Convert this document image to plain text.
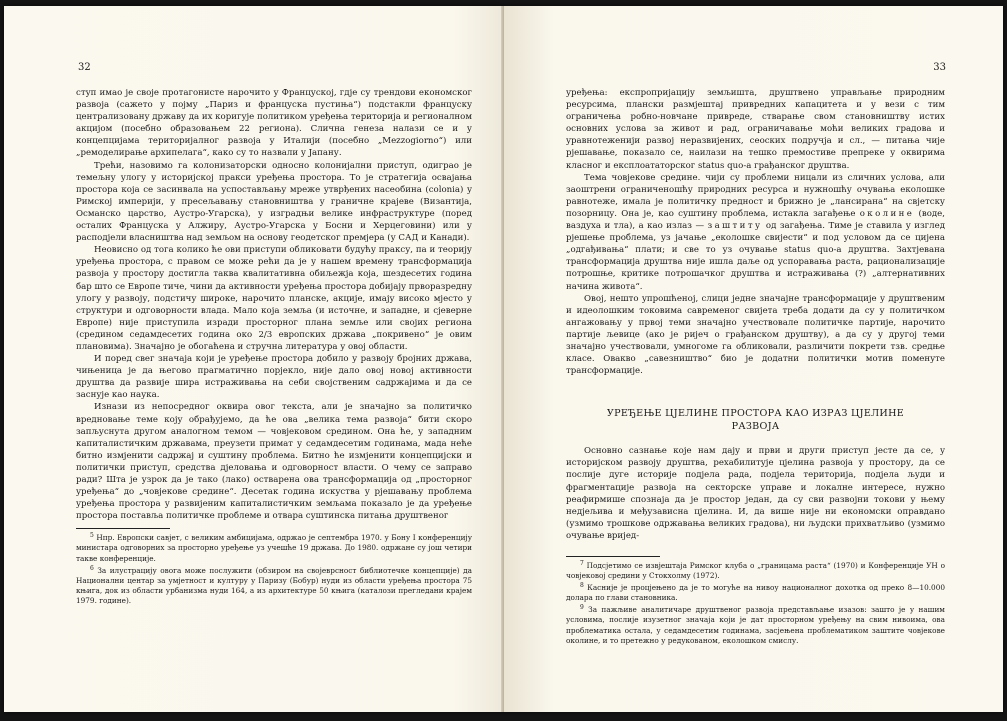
32

ступ имао је своје протагонисте нарочито у Француској, гдје су трендови економског развоја (сажето у појму „Париз и француска пустиња“) подстакли француску централизовану државу да их коригује политиком уређења територија и регионалном акцијом (посебно образовањем 22 региона). Слична генеза налази се и у концепцијама територијалног развоја у Италији (посебно „Mezzogiorno“) или „ремоделирање архипелага“, како су то назвали у Јапану.

Трећи, назовимо га колонизаторски односно колонијални приступ, одиграо је темељну улогу у историјској пракси уређења простора. То је стратегија освајања простора која се засинвала на успостављању мреже утврђених насеобина (colonia) у Римској империји, у пресељавању становништва у граничне крајеве (Византија, Османско царство, Аустро-Угарска), у изградњи велике инфраструктуре (поред осталих Француска у Алжиру, Аустро-Угарска у Босни и Херцеговини) или у расподјели власништва над земљом на основу геодетског премјера (у САД и Канади).

Неовисно од тога колико ће ови приступи обликовати будућу праксу, па и теорију уређења простора, с правом се може рећи да је у нашем времену трансформација развоја у простору достигла таква квалитативна обиљежја која, шездесетих година бар што се Европе тиче, чини да активности уређења простора добијају прворазредну улогу у развоју, подстичу широке, нарочито планске, акције, имају високо мјесто у структури и одговорности влада. Мало која земља (и источне, и западне, и сјеверне Европе) није приступила изради просторног плана земље или својих региона (средином седамдесетих година око 2/3 европских држава „покривено“ је овим плановима). Значајно је обогаћена и стручна литература у овој области.

И поред свег значаја који је уређење простора добило у развоју бројних држава, чињеница је да његово прагматично порјекло, није дало овој новој активности друштва да развије шира истраживања на себи својственим садржајима и да се заснује као наука.

Изнази из непосредног оквира овог текста, али је значајно за политичко вредновање теме коју обрађујемо, да ће ова „велика тема развоја“ бити скоро запљуснута другом аналогном темом — човјековом средином. Она ће, у западним капиталистичким државама, преузети примат у седамдесетим годинама, мада неће битно измјенити садржај и суштину проблема. Битно ће измјенити концепцијски и политички приступ, средства дјеловања и одговорност власти. О чему се заправо ради? Шта је узрок да је тако (лако) остварена ова трансформација од „просторног уређења“ до „човјекове средине“. Десетак година искуства у рјешавању проблема уређења простора у развијеним капиталистичким земљама показало је да уређење простора поставља политичке проблеме и отвара суштинска питања друштвеног

$^5$ Нпр. Европски савјет, с великим амбицијама, одржао је септембра 1970. у Бону I конференцију министара одговорних за просторно уређење уз учешће 19 држава. До 1980. одржане су још четири такве конференције.

$^6$ За илустрацију овога може послужити (обзиром на својеврсност библиотечке концепције) да Национални центар за умјетност и културу у Паризу (Бобур) нуди из области уређења простора 75 књига, док из области урбанизма нуди 164, а из архитектуре 50 књига (каталози прегледани крајем 1979. године).

33

уређења: експропријацију земљишта, друштвено управљање природним ресурсима, плански размјештај привредних капацитета и у вези с тим ограничења робно-новчане привреде, стварање свом становништву истих основних услова за живот и рад, ограничавање моћи великих градова и уравнотеженији развој неразвијених, сеоских подручја и сл., — питања чије рјешавање, показало се, наилази на тешко премостиве препреке у оквирима класног и експлоататорског status quo-а грађанског друштва.

Тема човјекове средине. чији су проблеми ницали из сличних услова, али заоштрени ограниченошћу природних ресурса и нужношћу очувања еколошке равнотеже, имала је политичку предност и брижно је „лансирана“ на свјетску позорницу. Она је, као суштину проблема, истакла загађење околине (воде, ваздуха и тла), а као излаз — заштиту од загађења. Тиме је ставила у изглед рјешење проблема, уз јачање „еколошке свијести“ и под условом да се цијена „одгађивања“ плати; и све то уз очување status quo-а друштва. Захтјевана трансформација друштва није ишла даље од успоравања раста, рационализације потрошње, критике потрошачког друштва и истраживања (?) „алтернативних начина живота“.

Овој, нешто упрошћеној, слици једне значајне трансформације у друштвеним и идеолошким токовима савременог свијета треба додати да су у политичком ангажовању у првој теми значајно учествовале политичке партије, нарочито партије љевице (ако је ријеч о грађанском друштву), а да су у другој теми значајно учествовали, умногоме га обликовали, различити покрети тзв. средње класе. Овакво „савезништво“ био је додатни политички мотив поменуте трансформације.

УРЕЂЕЊЕ ЦЈЕЛИНЕ ПРОСТОРА КАО ИЗРАЗ ЦЈЕЛИНЕ
РАЗВОЈА

Основно сазнање које нам дају и први и други приступ јесте да се, у историјском развоју друштва, рехабилитује цјелина развоја у простору, да се послије дуге историје подјела рада, подјела територија, подјела људи и фрагментације развоја на секторске управе и локалне интересе, нужно реафирмише спознаја да је простор један, да су сви развојни токови у њему недјељива и међузависна цјелина. И, да више није ни економски оправдано (узмимо трошкове одржавања великих градова), ни људски прихватљиво (узмимо очување вријед-

$^7$ Подсјетимо се извјештаја Римског клуба о „границама раста“ (1970) и Конференције УН о човјековој средини у Стокхолму (1972).

$^8$ Касније је процјењено да је то могуће на нивоу националног дохотка од преко 8—10.000 долара по глави становника.

$^9$ За пажљиве аналитичаре друштвеног развоја представљање изазов: зашто је у нашим условима, послије изузетног значаја који је дат просторном уређењу на свим нивоима, ова проблематика остала, у седамдесетим годинама, засјењена проблематиком заштите човјекове околине, и то претежно у редукованом, еколошком смислу.
